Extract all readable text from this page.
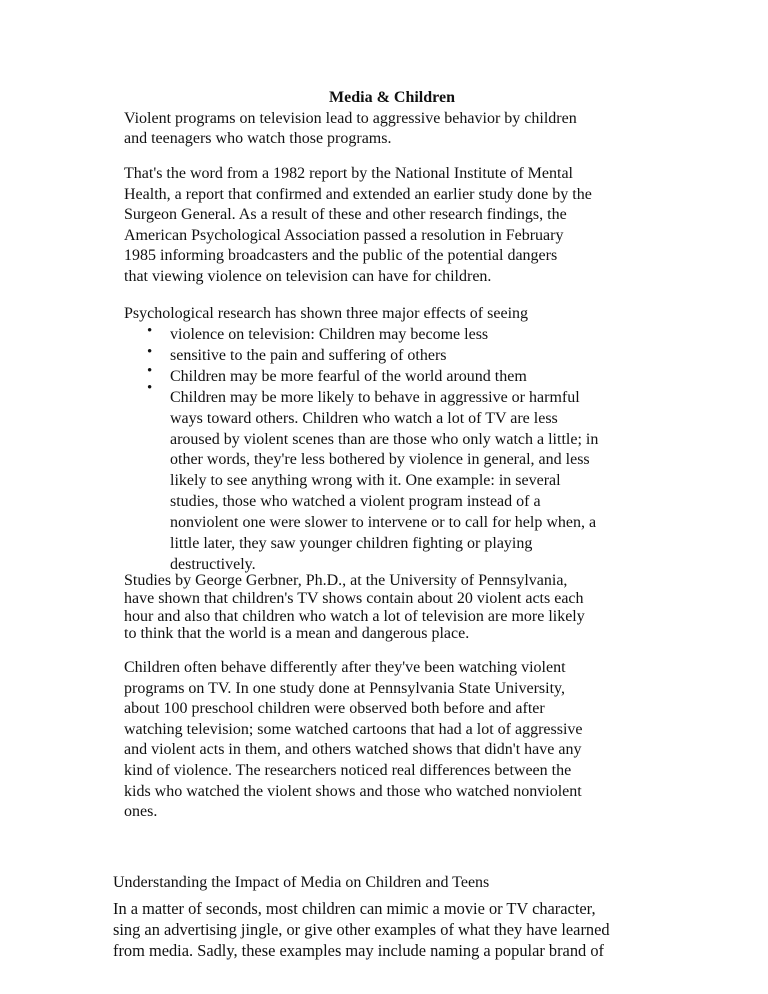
Media & Children

Violent programs on television lead to aggressive behavior by children

and teenagers who watch those programs.

That's the word from a 1982 report by the National Institute of Mental

Health, a report that confirmed and extended an earlier study done by the

Surgeon General. As a result of these and other research findings, the

American Psychological Association passed a resolution in February

1985 informing broadcasters and the public of the potential dangers

that viewing violence on television can have for children.

Psychological research has shown three major effects of seeing

•
•
•
•

violence on television: Children may become less

sensitive to the pain and suffering of others

Children may be more fearful of the world around them

Children may be more likely to behave in aggressive or harmful

ways toward others. Children who watch a lot of TV are less

aroused by violent scenes than are those who only watch a little; in

other words, they're less bothered by violence in general, and less

likely to see anything wrong with it. One example: in several

studies, those who watched a violent program instead of a

nonviolent one were slower to intervene or to call for help when, a

little later, they saw younger children fighting or playing

destructively.

Studies by George Gerbner, Ph.D., at the University of Pennsylvania,

have shown that children's TV shows contain about 20 violent acts each

hour and also that children who watch a lot of television are more likely

to think that the world is a mean and dangerous place.

Children often behave differently after they've been watching violent

programs on TV. In one study done at Pennsylvania State University,

about 100 preschool children were observed both before and after

watching television; some watched cartoons that had a lot of aggressive

and violent acts in them, and others watched shows that didn't have any

kind of violence. The researchers noticed real differences between the

kids who watched the violent shows and those who watched nonviolent

ones.

Understanding the Impact of Media on Children and Teens

In a matter of seconds, most children can mimic a movie or TV character,

sing an advertising jingle, or give other examples of what they have learned

from media. Sadly, these examples may include naming a popular brand of
